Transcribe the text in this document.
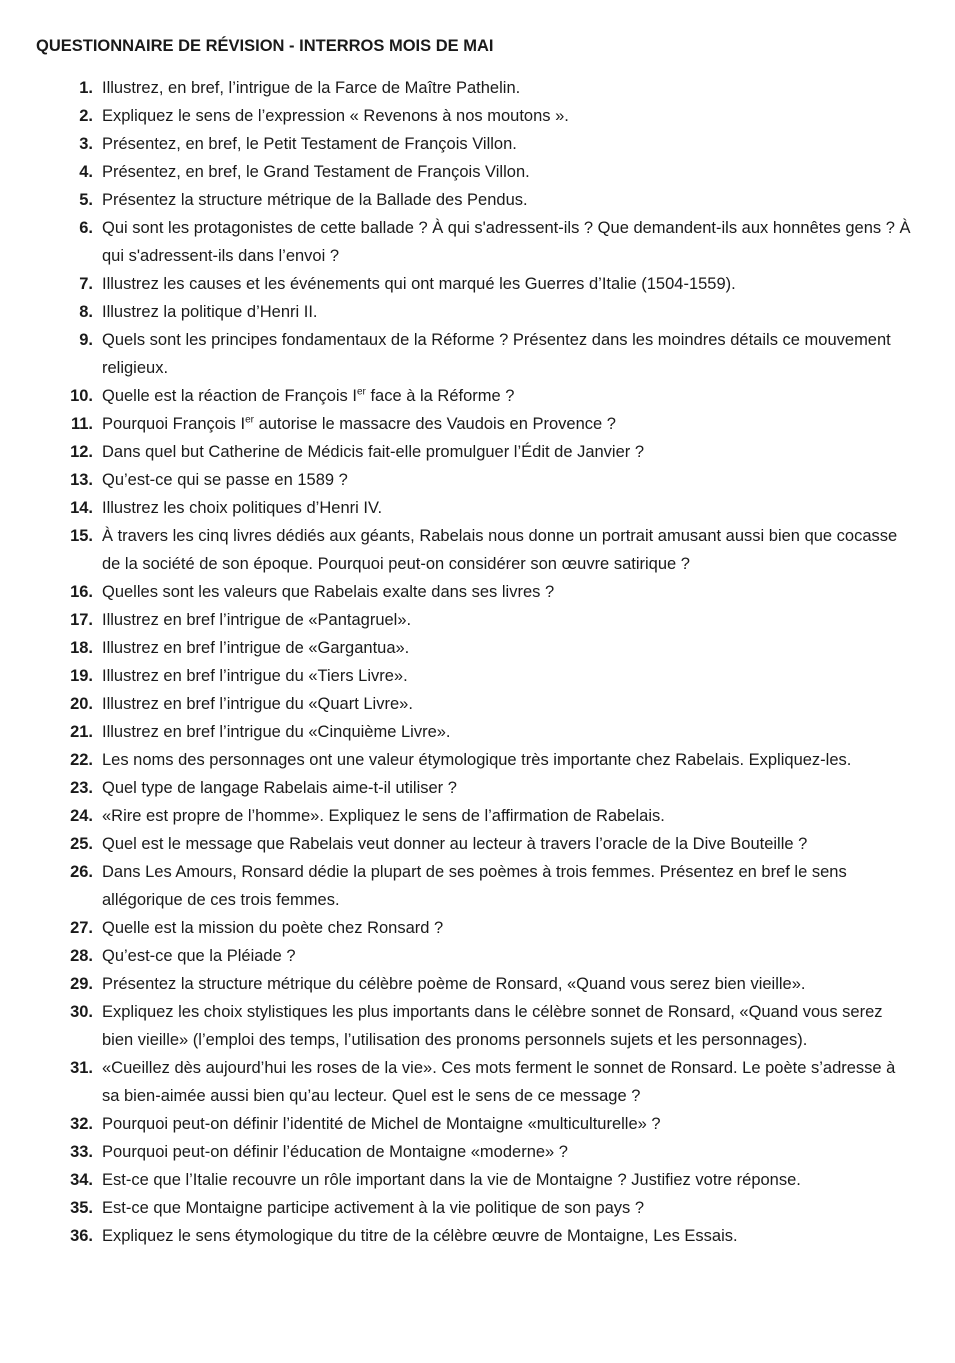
QUESTIONNAIRE DE RÉVISION - INTERROS MOIS DE MAI
1. Illustrez, en bref, l’intrigue de la Farce de Maître Pathelin.
2. Expliquez le sens de l’expression « Revenons à nos moutons ».
3. Présentez, en bref, le Petit Testament de François Villon.
4. Présentez, en bref, le Grand Testament de François Villon.
5. Présentez la structure métrique de la Ballade des Pendus.
6. Qui sont les protagonistes de cette ballade ? À qui s'adressent-ils ? Que demandent-ils aux honnêtes gens ? À qui s'adressent-ils dans l’envoi ?
7. Illustrez les causes et les événements qui ont marqué les Guerres d’Italie (1504-1559).
8. Illustrez la politique d’Henri II.
9. Quels sont les principes fondamentaux de la Réforme ? Présentez dans les moindres détails ce mouvement religieux.
10. Quelle est la réaction de François Ier face à la Réforme ?
11. Pourquoi François Ier autorise le massacre des Vaudois en Provence ?
12. Dans quel but Catherine de Médicis fait-elle promulguer l’Édit de Janvier ?
13. Qu’est-ce qui se passe en 1589 ?
14. Illustrez les choix politiques d’Henri IV.
15. À travers les cinq livres dédiés aux géants, Rabelais nous donne un portrait amusant aussi bien que cocasse de la société de son époque. Pourquoi peut-on considérer son œuvre satirique ?
16. Quelles sont les valeurs que Rabelais exalte dans ses livres ?
17. Illustrez en bref l’intrigue de «Pantagruel».
18. Illustrez en bref l’intrigue de «Gargantua».
19. Illustrez en bref l’intrigue du «Tiers Livre».
20. Illustrez en bref l’intrigue du «Quart Livre».
21. Illustrez en bref l’intrigue du «Cinquième Livre».
22. Les noms des personnages ont une valeur étymologique très importante chez Rabelais. Expliquez-les.
23. Quel type de langage Rabelais aime-t-il utiliser ?
24. «Rire est propre de l’homme». Expliquez le sens de l’affirmation de Rabelais.
25. Quel est le message que Rabelais veut donner au lecteur à travers l’oracle de la Dive Bouteille ?
26. Dans Les Amours, Ronsard dédie la plupart de ses poèmes à trois femmes. Présentez en bref le sens allégorique de ces trois femmes.
27. Quelle est la mission du poète chez Ronsard ?
28. Qu’est-ce que la Pléiade ?
29. Présentez la structure métrique du célèbre poème de Ronsard, «Quand vous serez bien vieille».
30. Expliquez les choix stylistiques les plus importants dans le célèbre sonnet de Ronsard, «Quand vous serez bien vieille» (l’emploi des temps, l’utilisation des pronoms personnels sujets et les personnages).
31. «Cueillez dès aujourd’hui les roses de la vie». Ces mots ferment le sonnet de Ronsard. Le poète s’adresse à sa bien-aimée aussi bien qu’au lecteur. Quel est le sens de ce message ?
32. Pourquoi peut-on définir l’identité de Michel de Montaigne «multiculturelle» ?
33. Pourquoi peut-on définir l’éducation de Montaigne «moderne» ?
34. Est-ce que l’Italie recouvre un rôle important dans la vie de Montaigne ? Justifiez votre réponse.
35. Est-ce que Montaigne participe activement à la vie politique de son pays ?
36. Expliquez le sens étymologique du titre de la célèbre œuvre de Montaigne, Les Essais.
